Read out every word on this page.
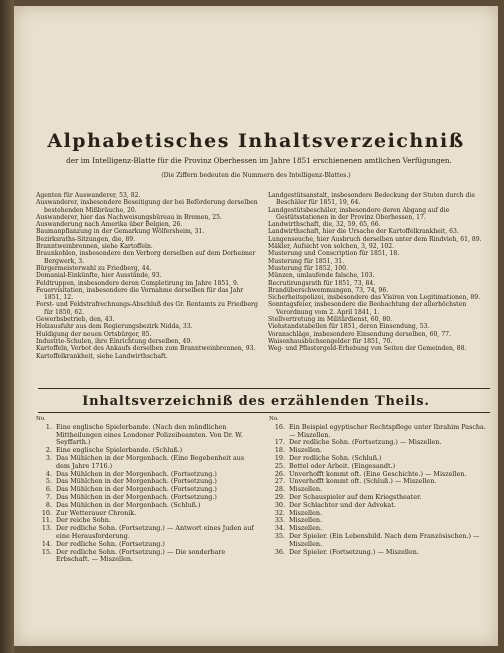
Alphabetisches Inhaltsverzeichniß
der im Intelligenz-Blatte für die Provinz Oberhessen im Jahre 1851 erschienenen amtlichen Verfügungen.
(Die Ziffern bedeuten die Nummern des Intelligenz-Blattes.)
Agenten für Auswanderer, 53, 82.
Auswanderer, insbesondere Beseitigung der bei Beförderung derselben bestehenden Mißbräuche, 20.
Auswanderer, hier das Nachweisungsbüreau in Bremen, 25.
Auswanderung nach Amerika über Belgien, 26.
Baumanpflanzung in der Gemarkung Wölfersheim, 31.
Bezirksraths-Sitzungen, die, 89.
Branntweinbrennen, siehe Kartoffeln.
Braunkohlen, insbesondere den Verborg derselben auf dem Dorheimer Bergwerk, 3.
Bürgermeisterwahl zu Friedberg, 44.
Domanial-Einkünfte, hier Ausstände, 93.
Feldtruppen, insbesondere deren Completirung im Jahre 1851, 9.
Feuervisitation, insbesondere die Vornahme derselben für das Jahr 1851, 12.
Forst- und Feldstrafrechnungs-Abschluß des Gr. Rentamts zu Friedberg für 1850, 62.
Gewerbsbetrieb, den, 43.
Holzausfuhr aus dem Regierungsbezirk Nidda, 33.
Huldigung der neuen Ortsbürger, 85.
Industrie-Schulen, ihre Einrichtung derselben, 49.
Kartoffeln, Verbot des Ankaufs derselben zum Branntweinbrennen, 93.
Kartoffelkrankheit, siehe Landwirthschaft.
Landgestütsanstalt, insbesondere Bedeckung der Stuten durch die Beschäler für 1851, 19, 64.
Landgestütsbeschäler, insbesondere deren Abgang auf die Gestütsstationen in der Provinz Oberhessen, 17.
Landwirthschaft, die, 32, 59, 65, 66.
Landwirthschaft, hier die Ursache der Kartoffelkrankheit, 63.
Lungenseuche, hier Ausbruch derselben unter dem Rindvieh, 61, 89.
Mäkler, Aufsicht von solchen, 3, 92, 102.
Musterung und Conscription für 1851, 18.
Musterung für 1851, 31.
Musterung für 1852, 100.
Münzen, umlaufende falsche, 103.
Recrutirungsrath für 1851, 73, 84.
Brandüberschwemmungen, 73, 74, 96.
Sicherheitspolizei, insbesondere das Visiren von Legitimationen, 89.
Sonntagsfeier, insbesondere die Beobachtung der allerhöchsten Verordnung vom 2. April 1841, 1.
Stellvertretung im Militärdienst, 60, 80.
Viehstandstabellen für 1851, deren Einsendung, 53.
Voranschläge, insbesondere Einsendung derselben, 60, 77.
Waisenhausbüchsengelder für 1851, 70.
Weg- und Pflastergeld-Erhebung von Seiten der Gemeinden, 88.
Inhaltsverzeichniß des erzählenden Theils.
No.
1. Eine englische Spielerbande. (Nach den mündlichen Mittheilungen eines Londoner Polizeibeamten. Von Dr. W. Seyffarth.)
2. Eine englische Spielerbande. (Schluß.)
3. Das Mühlchen in der Morgenbach. (Eine Begebenheit aus dem Jahre 1716.)
4. Das Mühlchen in der Morgenbach. (Fortsetzung.)
5. Das Mühlchen in der Morgenbach. (Fortsetzung.)
6. Das Mühlchen in der Morgenbach. (Fortsetzung.)
7. Das Mühlchen in der Morgenbach. (Fortsetzung.)
8. Das Mühlchen in der Morgenbach. (Schluß.)
10. Zur Wetterauer Chronik.
11. Der reiche Sohn.
13. Der redliche Sohn. (Fortsetzung.) — Antwort eines Juden auf eine Herausforderung.
14. Der redliche Sohn. (Fortsetzung.)
15. Der redliche Sohn. (Fortsetzung.) — Die sonderbare Erbschaft. — Miszellen.
No.
16. Ein Beispiel egyptischer Rechtspflege unter Ibrahim Pascha. — Miszellen.
17. Der redliche Sohn. (Fortsetzung.) — Miszellen.
18. Miszellen.
19. Der redliche Sohn. (Schluß.)
25. Bettel oder Arbeit. (Eingesandt.)
26. Unverhofft kommt oft. (Eine Geschichte.) — Miszellen.
27. Unverhofft kommt oft. (Schluß.) — Miszellen.
28. Miszellen.
29. Der Schauspieler auf dem Kriegstheater.
30. Der Schlachter und der Advokat.
32. Miszellen.
33. Miszellen.
34. Miszellen.
35. Der Spieler. (Ein Lebensbild. Nach dem Französischen.) — Miszellen.
36. Der Spieler. (Fortsetzung.) — Miszellen.
